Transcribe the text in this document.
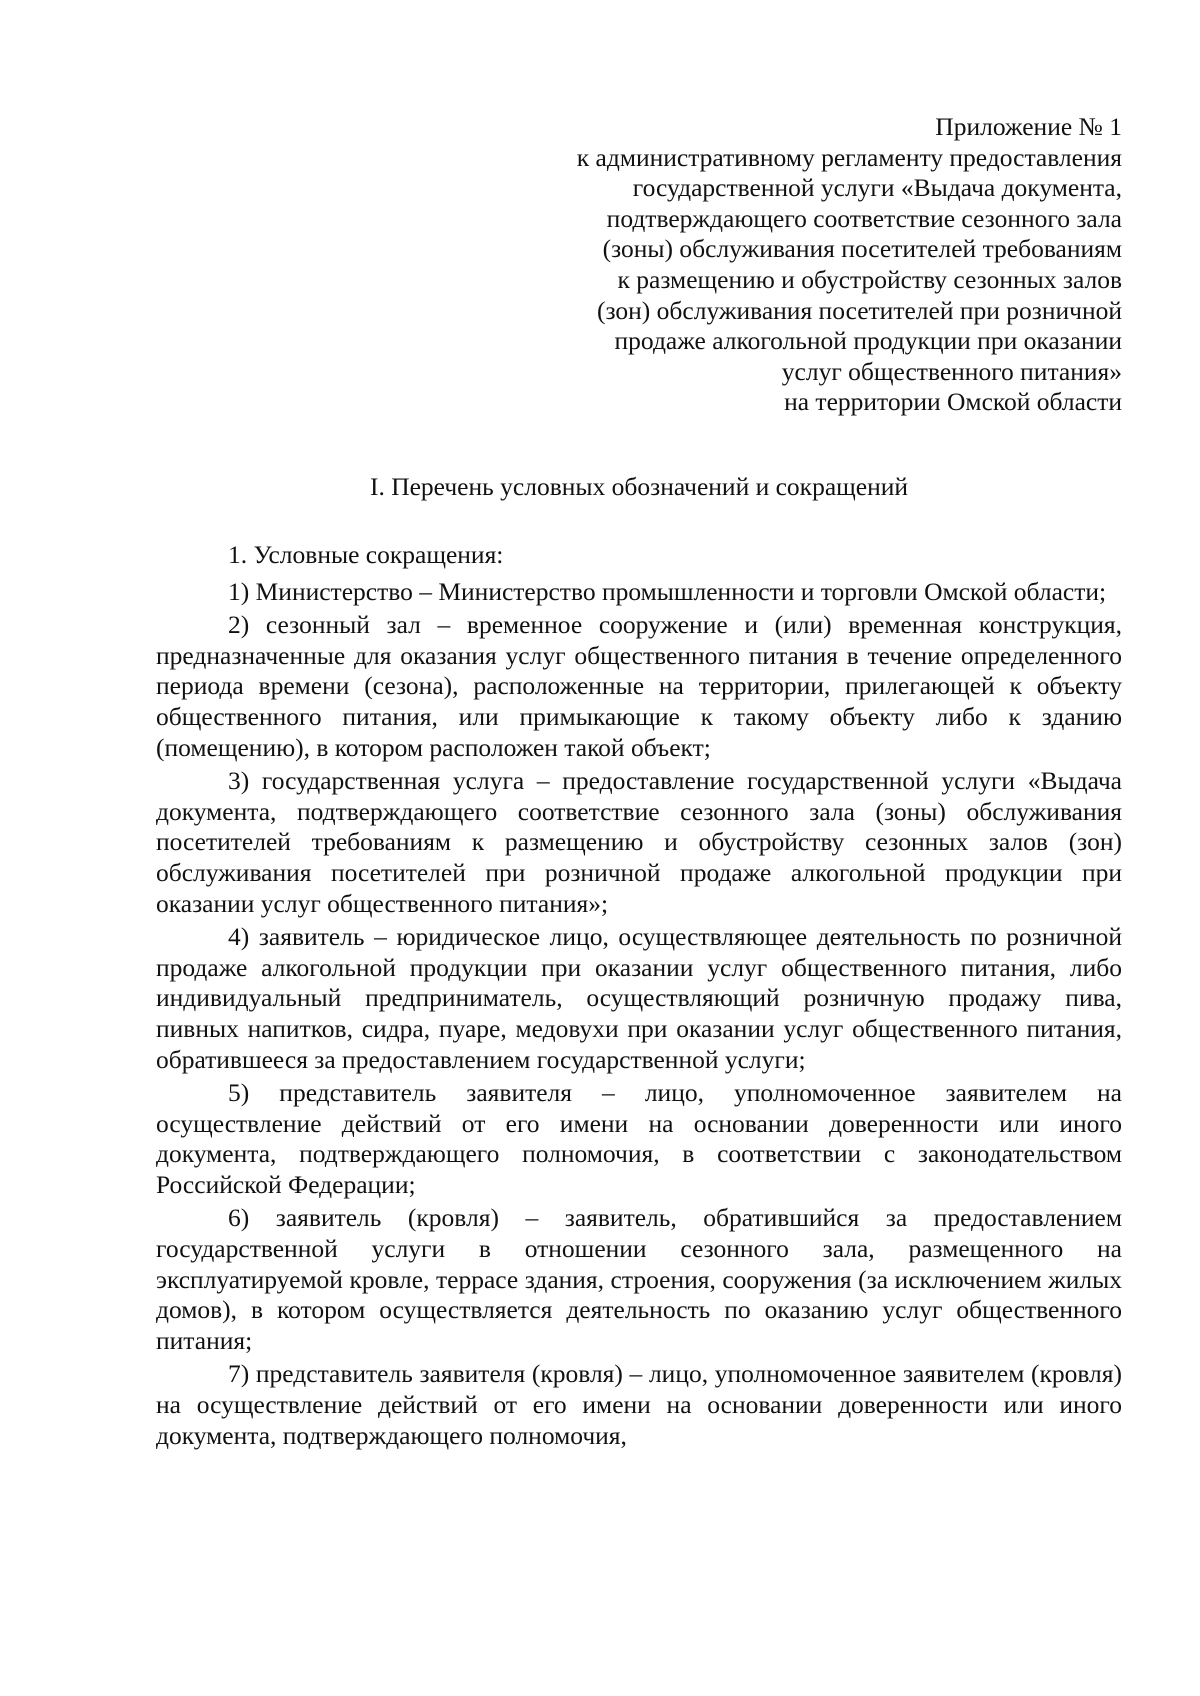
Приложение № 1
к административному регламенту предоставления
государственной услуги «Выдача документа,
подтверждающего соответствие сезонного зала
(зоны) обслуживания посетителей требованиям
к размещению и обустройству сезонных залов
(зон) обслуживания посетителей при розничной
продаже алкогольной продукции при оказании
услуг общественного питания»
на территории Омской области
I. Перечень условных обозначений и сокращений

1. Условные сокращения:

1) Министерство – Министерство промышленности и торговли Омской области;

2) сезонный зал – временное сооружение и (или) временная конструкция, предназначенные для оказания услуг общественного питания в течение определенного периода времени (сезона), расположенные на территории, прилегающей к объекту общественного питания, или примыкающие к такому объекту либо к зданию (помещению), в котором расположен такой объект;

3) государственная услуга – предоставление государственной услуги «Выдача документа, подтверждающего соответствие сезонного зала (зоны) обслуживания посетителей требованиям к размещению и обустройству сезонных залов (зон) обслуживания посетителей при розничной продаже алкогольной продукции при оказании услуг общественного питания»;

4) заявитель – юридическое лицо, осуществляющее деятельность по розничной продаже алкогольной продукции при оказании услуг общественного питания, либо индивидуальный предприниматель, осуществляющий розничную продажу пива, пивных напитков, сидра, пуаре, медовухи при оказании услуг общественного питания, обратившееся за предоставлением государственной услуги;

5) представитель заявителя – лицо, уполномоченное заявителем на осуществление действий от его имени на основании доверенности или иного документа, подтверждающего полномочия, в соответствии с законодательством Российской Федерации;

6) заявитель (кровля) – заявитель, обратившийся за предоставлением государственной услуги в отношении сезонного зала, размещенного на эксплуатируемой кровле, террасе здания, строения, сооружения (за исключением жилых домов), в котором осуществляется деятельность по оказанию услуг общественного питания;

7) представитель заявителя (кровля) – лицо, уполномоченное заявителем (кровля) на осуществление действий от его имени на основании доверенности или иного документа, подтверждающего полномочия,
